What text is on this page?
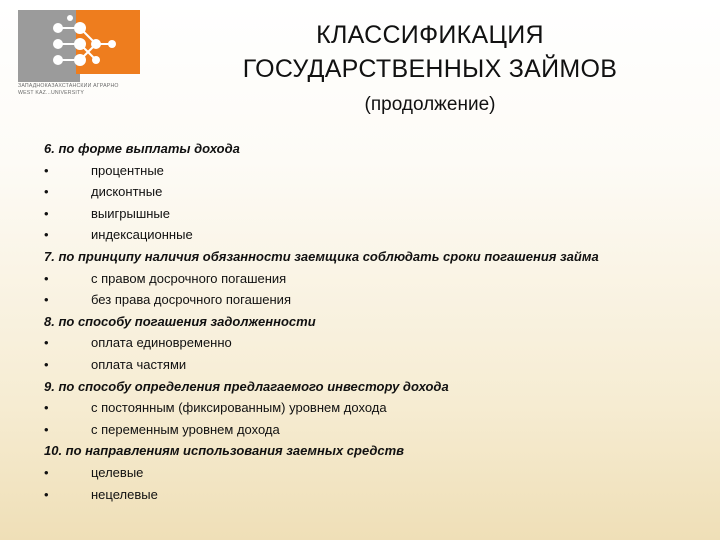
ЗАПАДНОКАЗАХСТАНСКИЙ АГРАРНО
WEST KAZ...UNIVERSITY
КЛАССИФИКАЦИЯ
ГОСУДАРСТВЕННЫХ ЗАЙМОВ
(продолжение)
6. по форме выплаты дохода
•	процентные
•	дисконтные
•	выигрышные
•	индексационные
7. по принципу наличия обязанности заемщика соблюдать сроки погашения займа
•	с правом досрочного погашения
•	без права досрочного погашения
8. по способу погашения задолженности
•	оплата единовременно
•	оплата частями
9. по способу определения предлагаемого инвестору дохода
•	с постоянным (фиксированным) уровнем дохода
•	с переменным уровнем дохода
10. по направлениям использования заемных средств
•	целевые
•	нецелевые
